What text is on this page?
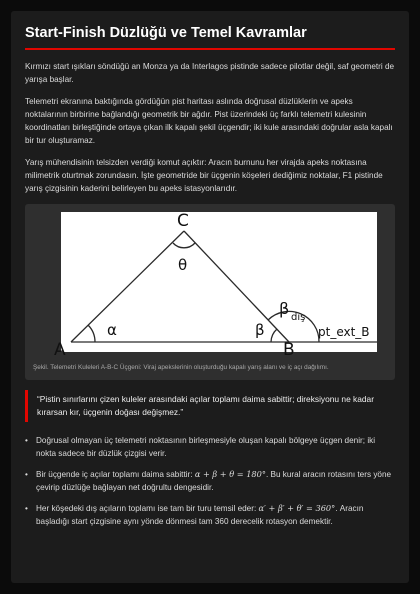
Start-Finish Düzlüğü ve Temel Kavramlar

Kırmızı start ışıkları söndüğü an Monza ya da Interlagos pistinde sadece pilotlar değil, saf geometri de yarışa başlar.

Telemetri ekranına baktığında gördüğün pist haritası aslında doğrusal düzlüklerin ve apeks noktalarının birbirine bağlandığı geometrik bir ağdır. Pist üzerindeki üç farklı telemetri kulesinin koordinatları birleştiğinde ortaya çıkan ilk kapalı şekil üçgendir; iki kule arasındaki doğrular asla kapalı bir tur oluşturamaz.

Yarış mühendisinin telsizden verdiği komut açıktır: Aracın burnunu her virajda apeks noktasına milimetrik oturtmak zorundasın. İşte geometride bir üçgenin köşeleri dediğimiz noktalar, F1 pistinde yarış çizgisinin kaderini belirleyen bu apeks istasyonlarıdır.

A	B
C
α	β
θ
β dış
pt_ext_B
Şekil. Telemetri Kuleleri A-B-C Üçgeni: Viraj apekslerinin oluşturduğu kapalı yarış alanı ve iç açı dağılımı.
“Pistin sınırlarını çizen kuleler arasındaki açılar toplamı daima sabittir; direksiyonu ne kadar kırarsan kır, üçgenin doğası değişmez.”
• Doğrusal olmayan üç telemetri noktasının birleşmesiyle oluşan kapalı bölgeye üçgen denir; iki nokta sadece bir düzlük çizgisi verir.
• Bir üçgende iç açılar toplamı daima sabittir: α + β + θ = 180°. Bu kural aracın rotasını ters yöne çevirip düzlüğe bağlayan net doğrultu dengesidir.
• Her köşedeki dış açıların toplamı ise tam bir turu temsil eder: α′ + β′ + θ′ = 360°. Aracın başladığı start çizgisine aynı yönde dönmesi tam 360 derecelik rotasyon demektir.
